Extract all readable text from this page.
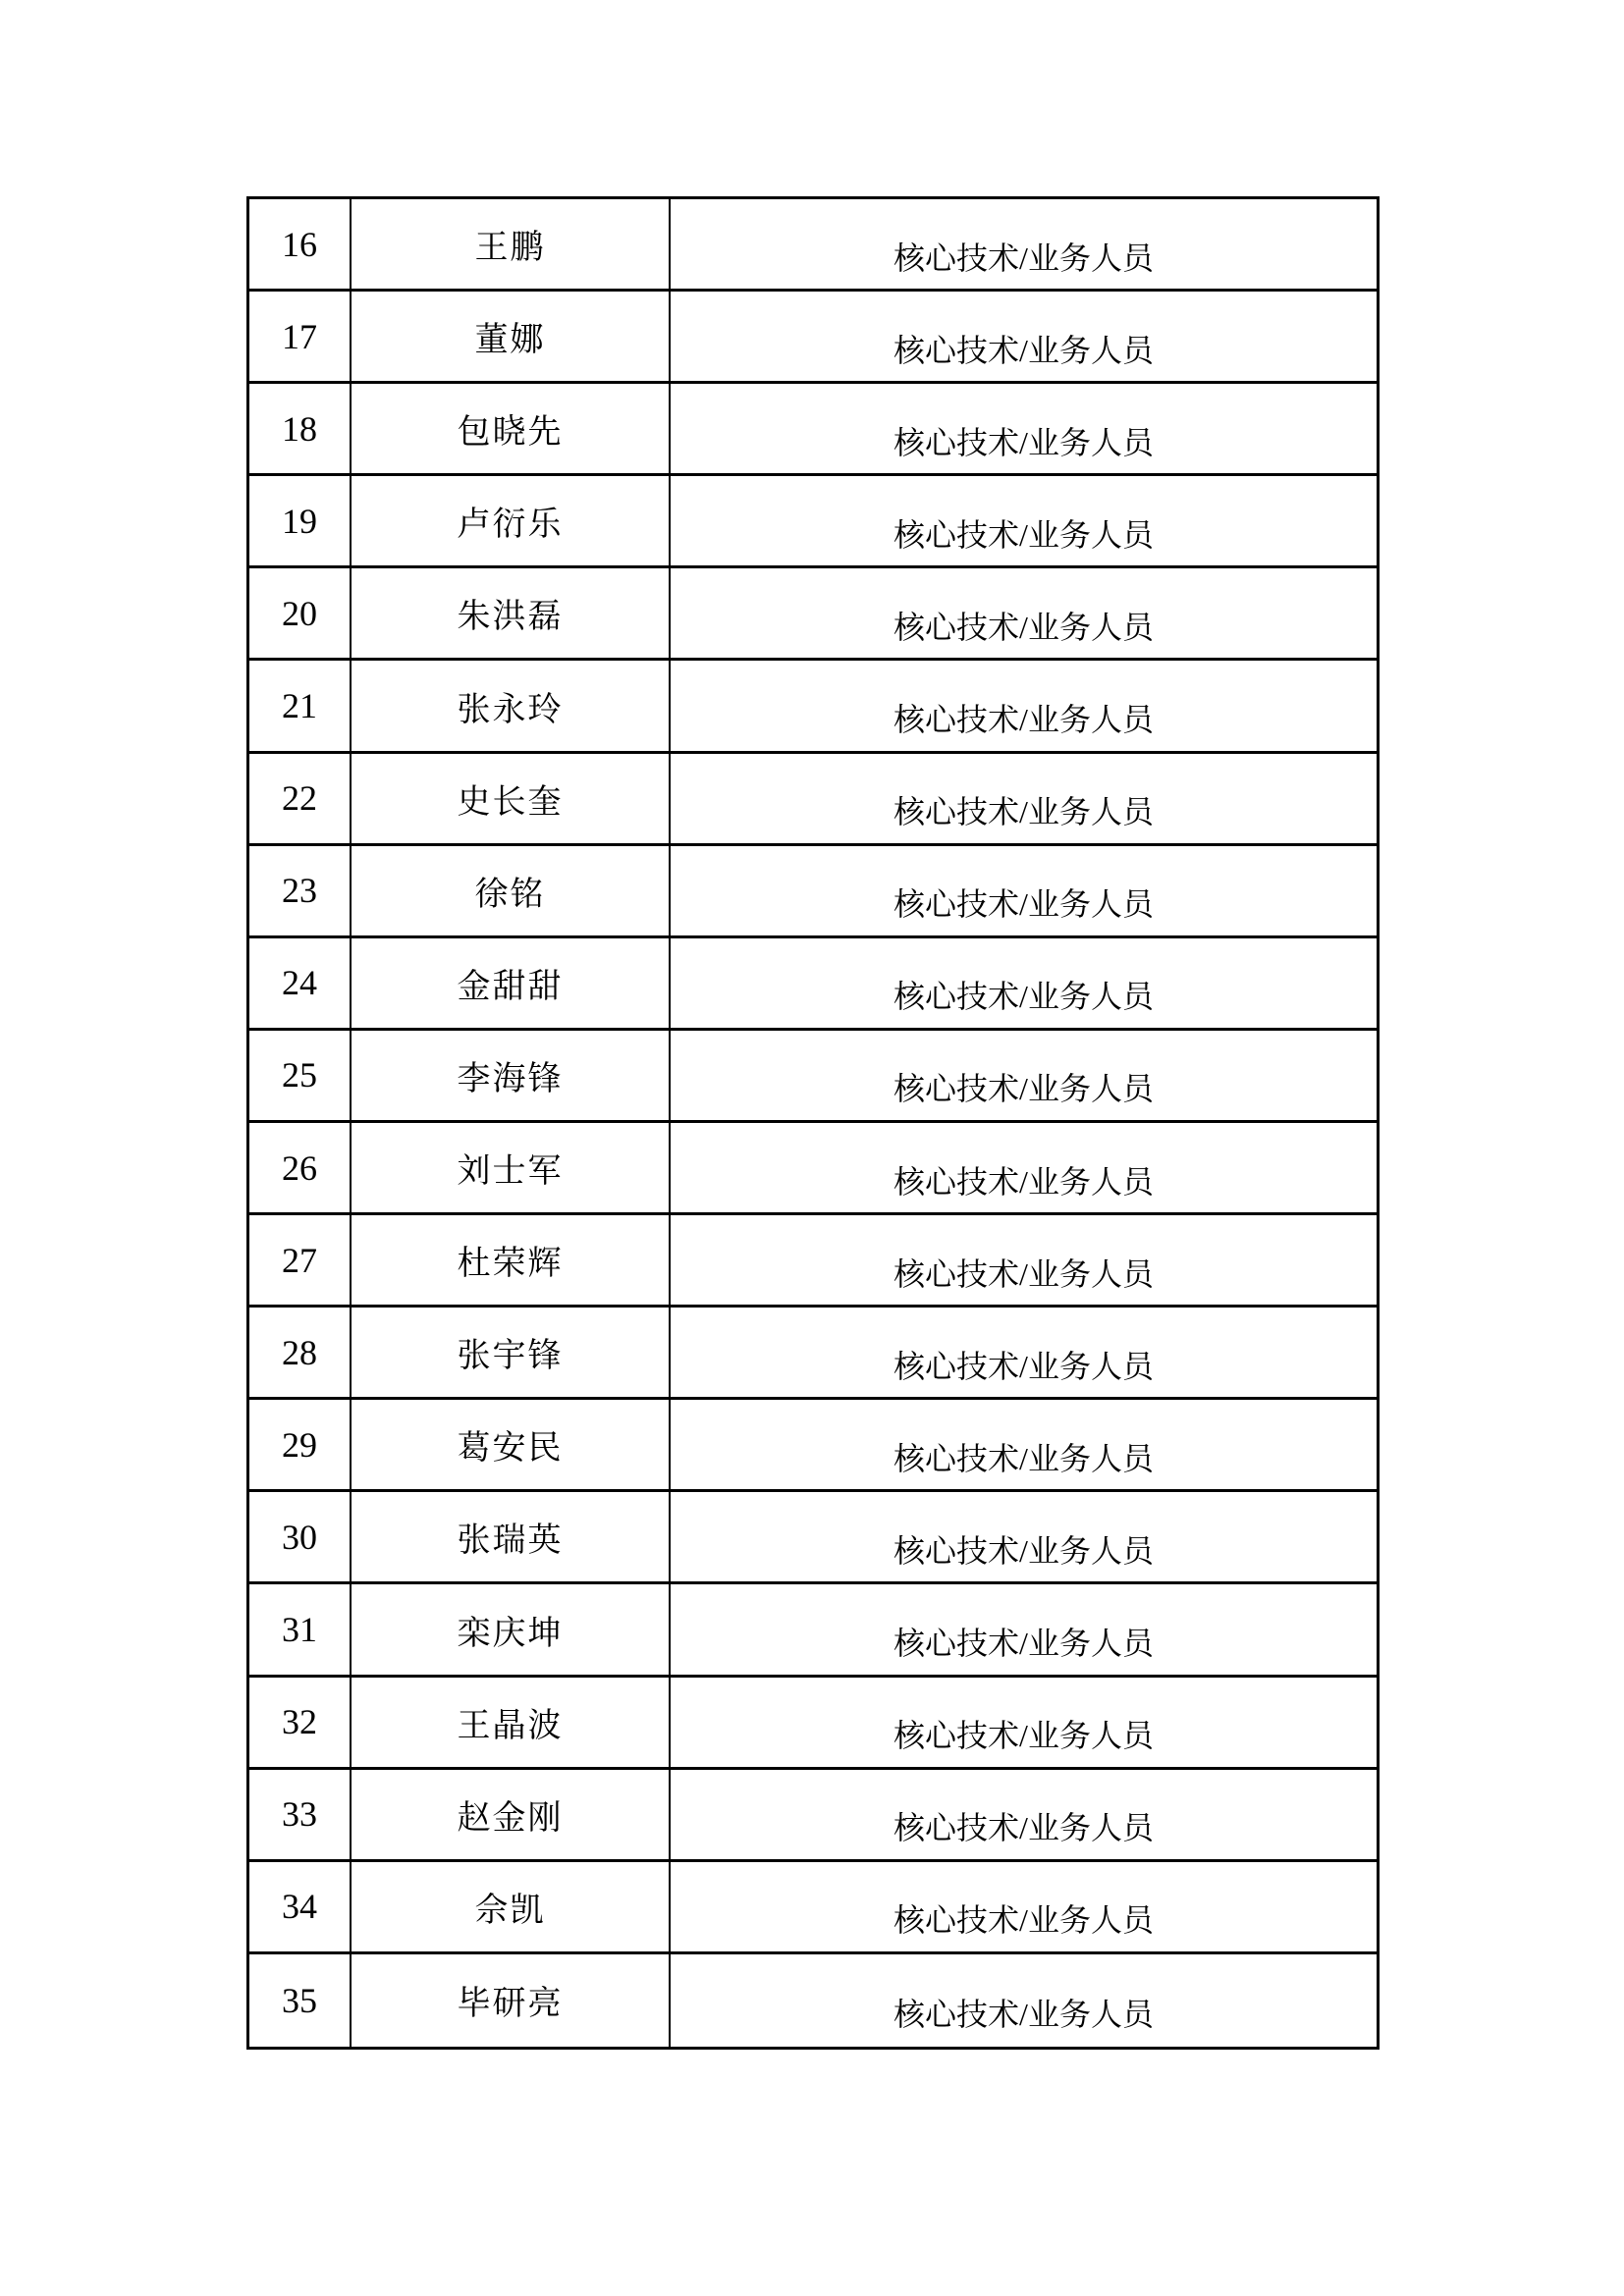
16	王鹏	核心技术/业务人员
17	董娜	核心技术/业务人员
18	包晓先	核心技术/业务人员
19	卢衍乐	核心技术/业务人员
20	朱洪磊	核心技术/业务人员
21	张永玲	核心技术/业务人员
22	史长奎	核心技术/业务人员
23	徐铭	核心技术/业务人员
24	金甜甜	核心技术/业务人员
25	李海锋	核心技术/业务人员
26	刘士军	核心技术/业务人员
27	杜荣辉	核心技术/业务人员
28	张宇锋	核心技术/业务人员
29	葛安民	核心技术/业务人员
30	张瑞英	核心技术/业务人员
31	栾庆坤	核心技术/业务人员
32	王晶波	核心技术/业务人员
33	赵金刚	核心技术/业务人员
34	佘凯	核心技术/业务人员
35	毕研亮	核心技术/业务人员
